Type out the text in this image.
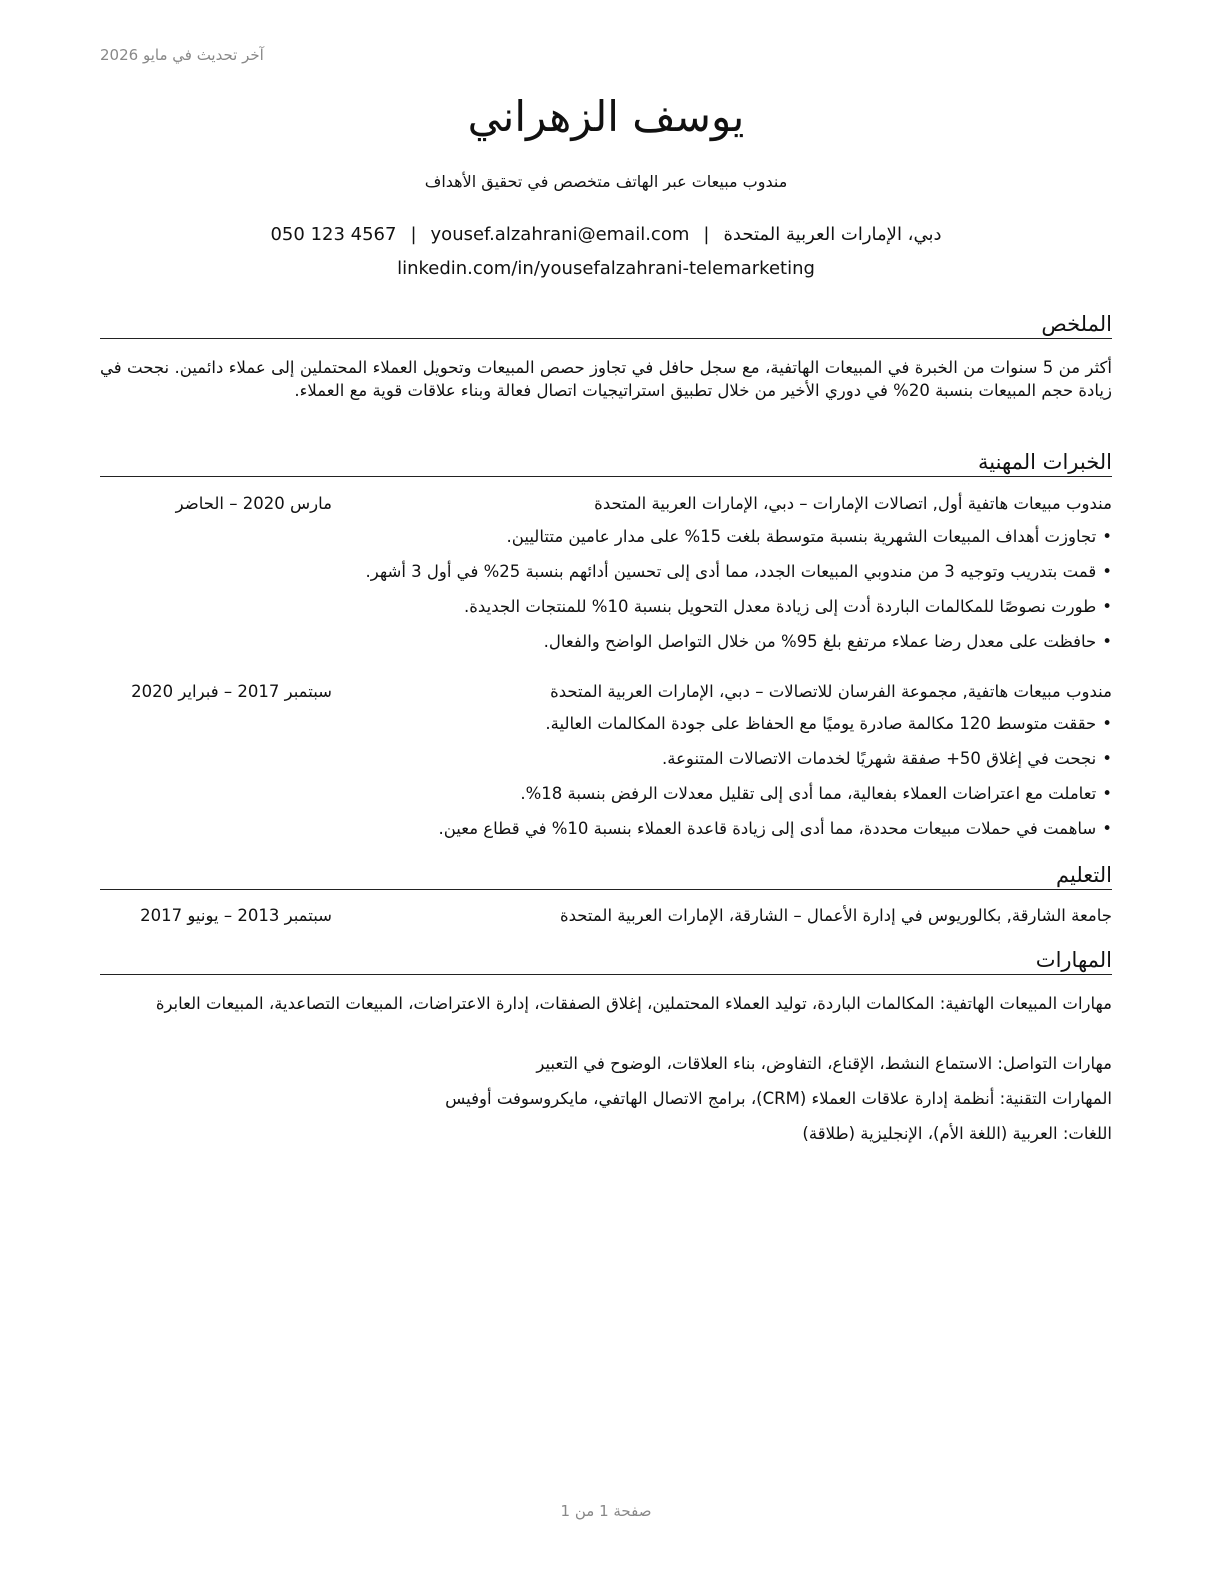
آخر تحديث في مايو 2026
يوسف الزهراني
مندوب مبيعات عبر الهاتف متخصص في تحقيق الأهداف
دبي، الإمارات العربية المتحدة|yousef.alzahrani@email.com|050 123 4567
linkedin.com/in/yousefalzahrani-telemarketing
الملخص
أكثر من 5 سنوات من الخبرة في المبيعات الهاتفية، مع سجل حافل في تجاوز حصص المبيعات وتحويل العملاء المحتملين إلى عملاء دائمين. نجحت في زيادة حجم المبيعات بنسبة 20% في دوري الأخير من خلال تطبيق استراتيجيات اتصال فعالة وبناء علاقات قوية مع العملاء.
الخبرات المهنية
مندوب مبيعات هاتفية أول, اتصالات الإمارات – دبي، الإمارات العربية المتحدة
مارس 2020 – الحاضر
•تجاوزت أهداف المبيعات الشهرية بنسبة متوسطة بلغت 15% على مدار عامين متتاليين.
•قمت بتدريب وتوجيه 3 من مندوبي المبيعات الجدد، مما أدى إلى تحسين أدائهم بنسبة 25% في أول 3 أشهر.
•طورت نصوصًا للمكالمات الباردة أدت إلى زيادة معدل التحويل بنسبة 10% للمنتجات الجديدة.
•حافظت على معدل رضا عملاء مرتفع بلغ 95% من خلال التواصل الواضح والفعال.
مندوب مبيعات هاتفية, مجموعة الفرسان للاتصالات – دبي، الإمارات العربية المتحدة
سبتمبر 2017 – فبراير 2020
•حققت متوسط 120 مكالمة صادرة يوميًا مع الحفاظ على جودة المكالمات العالية.
•نجحت في إغلاق 50+ صفقة شهريًا لخدمات الاتصالات المتنوعة.
•تعاملت مع اعتراضات العملاء بفعالية، مما أدى إلى تقليل معدلات الرفض بنسبة 18%.
•ساهمت في حملات مبيعات محددة، مما أدى إلى زيادة قاعدة العملاء بنسبة 10% في قطاع معين.
التعليم
جامعة الشارقة, بكالوريوس في إدارة الأعمال – الشارقة، الإمارات العربية المتحدة
سبتمبر 2013 – يونيو 2017
المهارات
مهارات المبيعات الهاتفية: المكالمات الباردة، توليد العملاء المحتملين، إغلاق الصفقات، إدارة الاعتراضات، المبيعات التصاعدية، المبيعات العابرة
مهارات التواصل: الاستماع النشط، الإقناع، التفاوض، بناء العلاقات، الوضوح في التعبير
المهارات التقنية: أنظمة إدارة علاقات العملاء (CRM)، برامج الاتصال الهاتفي، مايكروسوفت أوفيس
اللغات: العربية (اللغة الأم)، الإنجليزية (طلاقة)
صفحة 1 من 1
